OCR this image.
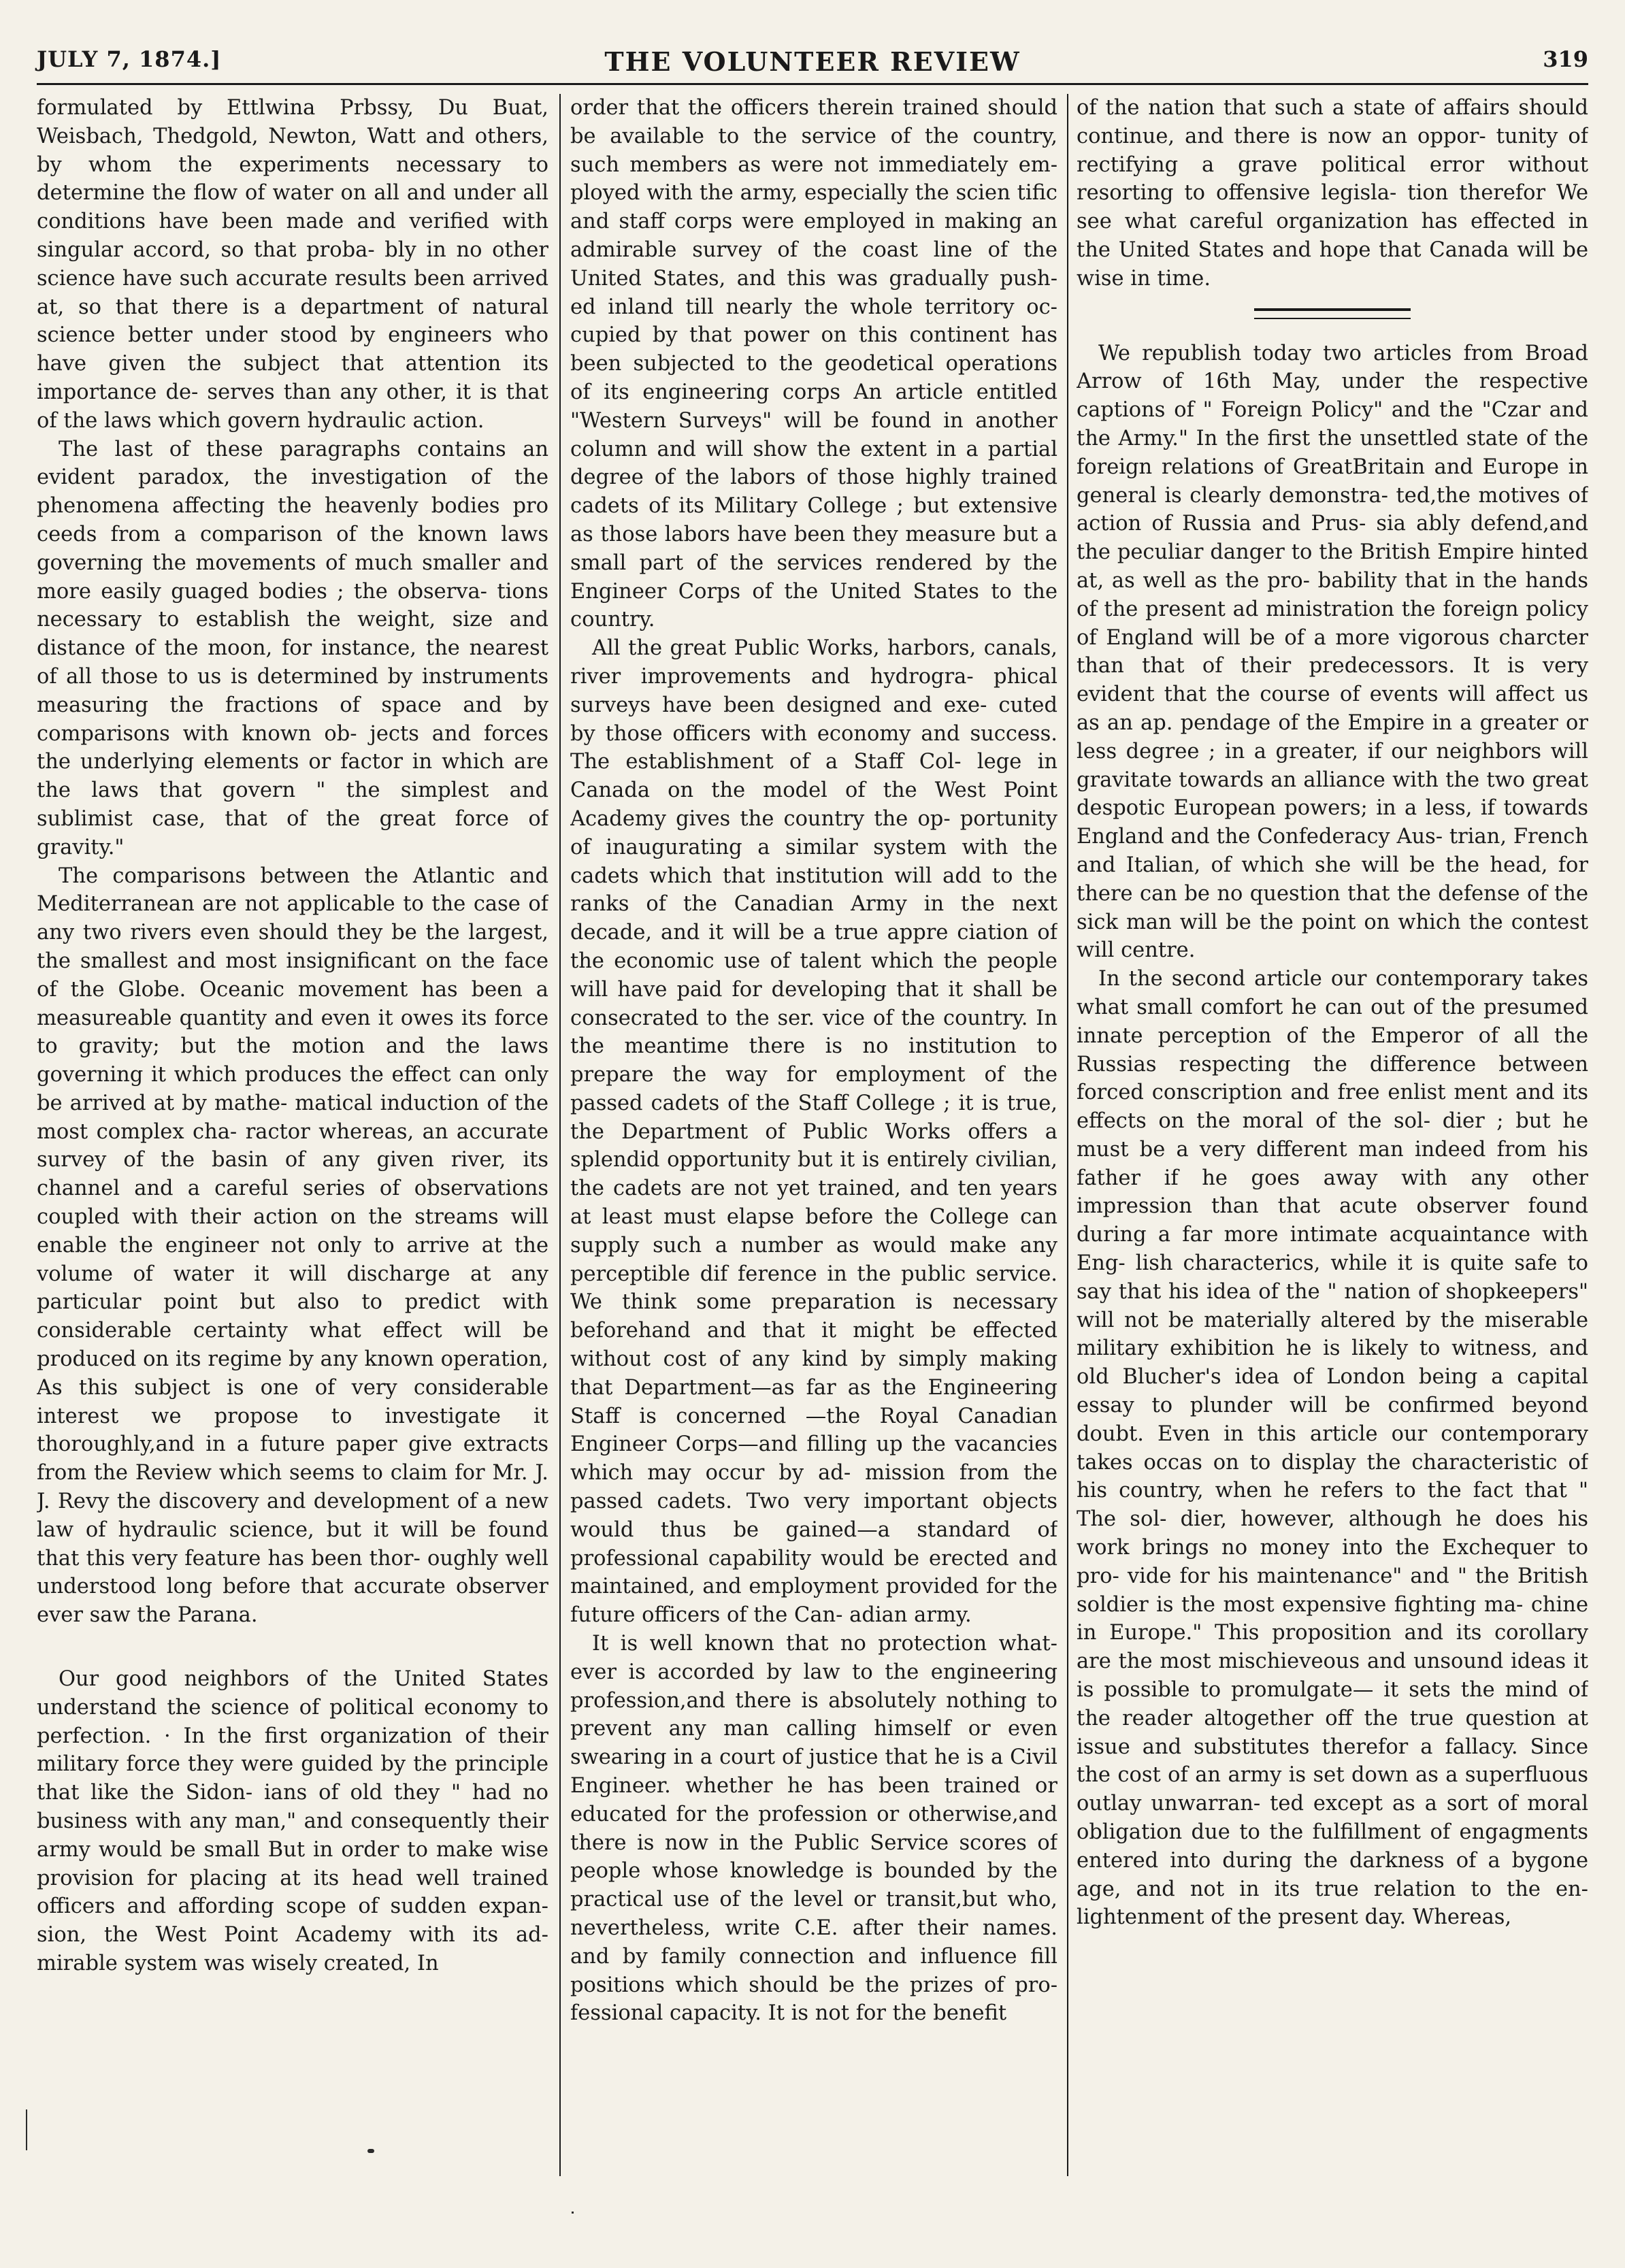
JULY 7, 1874.]	THE VOLUNTEER REVIEW	319

formulated by Ettlwina Prbssy, Du Buat, Weisbach, Thedgold, Newton, Watt and others, by whom the experiments necessary to determine the flow of water on all and under all conditions have been made and verified with singular accord, so that proba- bly in no other science have such accurate results been arrived at, so that there is a department of natural science better under stood by engineers who have given the subject that attention its importance de- serves than any other, it is that of the laws which govern hydraulic action.

The last of these paragraphs contains an evident paradox, the investigation of the phenomena affecting the heavenly bodies pro ceeds from a comparison of the known laws governing the movements of much smaller and more easily guaged bodies ; the observa- tions necessary to establish the weight, size and distance of the moon, for instance, the nearest of all those to us is determined by instruments measuring the fractions of space and by comparisons with known ob- jects and forces the underlying elements or factor in which are the laws that govern " the simplest and sublimist case, that of the great force of gravity."

The comparisons between the Atlantic and Mediterranean are not applicable to the case of any two rivers even should they be the largest, the smallest and most insignificant on the face of the Globe. Oceanic movement has been a measureable quantity and even it owes its force to gravity; but the motion and the laws governing it which produces the effect can only be arrived at by mathe- matical induction of the most complex cha- ractor whereas, an accurate survey of the basin of any given river, its channel and a careful series of observations coupled with their action on the streams will enable the engineer not only to arrive at the volume of water it will discharge at any particular point but also to predict with considerable certainty what effect will be produced on its regime by any known operation, As this subject is one of very considerable interest we propose to investigate it thoroughly,and in a future paper give extracts from the Review which seems to claim for Mr. J. J. Revy the discovery and development of a new law of hydraulic science, but it will be found that this very feature has been thor- oughly well understood long before that accurate observer ever saw the Parana.

Our good neighbors of the United States understand the science of political economy to perfection. · In the first organization of their military force they were guided by the principle that like the Sidon- ians of old they " had no business with any man," and consequently their army would be small But in order to make wise provision for placing at its head well trained officers and affording scope of sudden expan- sion, the West Point Academy with its ad- mirable system was wisely created, In

order that the officers therein trained should be available to the service of the country, such members as were not immediately em- ployed with the army, especially the scien tific and staff corps were employed in making an admirable survey of the coast line of the United States, and this was gradually push- ed inland till nearly the whole territory oc- cupied by that power on this continent has been subjected to the geodetical operations of its engineering corps An article entitled "Western Surveys" will be found in another column and will show the extent in a partial degree of the labors of those highly trained cadets of its Military College ; but extensive as those labors have been they measure but a small part of the services rendered by the Engineer Corps of the United States to the country.

All the great Public Works, harbors, canals, river improvements and hydrogra- phical surveys have been designed and exe- cuted by those officers with economy and success. The establishment of a Staff Col- lege in Canada on the model of the West Point Academy gives the country the op- portunity of inaugurating a similar system with the cadets which that institution will add to the ranks of the Canadian Army in the next decade, and it will be a true appre ciation of the economic use of talent which the people will have paid for developing that it shall be consecrated to the ser. vice of the country. In the meantime there is no institution to prepare the way for employment of the passed cadets of the Staff College ; it is true, the Department of Public Works offers a splendid opportunity but it is entirely civilian, the cadets are not yet trained, and ten years at least must elapse before the College can supply such a number as would make any perceptible dif ference in the public service. We think some preparation is necessary beforehand and that it might be effected without cost of any kind by simply making that Department—as far as the Engineering Staff is concerned —the Royal Canadian Engineer Corps—and filling up the vacancies which may occur by ad- mission from the passed cadets. Two very important objects would thus be gained—a standard of professional capability would be erected and maintained, and employment provided for the future officers of the Can- adian army.

It is well known that no protection what- ever is accorded by law to the engineering profession,and there is absolutely nothing to prevent any man calling himself or even swearing in a court of justice that he is a Civil Engineer. whether he has been trained or educated for the profession or otherwise,and there is now in the Public Service scores of people whose knowledge is bounded by the practical use of the level or transit,but who, nevertheless, write C.E. after their names. and by family connection and influence fill positions which should be the prizes of pro- fessional capacity. It is not for the benefit

of the nation that such a state of affairs should continue, and there is now an oppor- tunity of rectifying a grave political error without resorting to offensive legisla- tion therefor We see what careful organization has effected in the United States and hope that Canada will be wise in time.

We republish today two articles from Broad Arrow of 16th May, under the respective captions of " Foreign Policy" and the "Czar and the Army." In the first the unsettled state of the foreign relations of GreatBritain and Europe in general is clearly demonstra- ted,the motives of action of Russia and Prus- sia ably defend,and the peculiar danger to the British Empire hinted at, as well as the pro- bability that in the hands of the present ad ministration the foreign policy of England will be of a more vigorous charcter than that of their predecessors. It is very evident that the course of events will affect us as an ap. pendage of the Empire in a greater or less degree ; in a greater, if our neighbors will gravitate towards an alliance with the two great despotic European powers; in a less, if towards England and the Confederacy Aus- trian, French and Italian, of which she will be the head, for there can be no question that the defense of the sick man will be the point on which the contest will centre.

In the second article our contemporary takes what small comfort he can out of the presumed innate perception of the Emperor of all the Russias respecting the difference between forced conscription and free enlist ment and its effects on the moral of the sol- dier ; but he must be a very different man indeed from his father if he goes away with any other impression than that acute observer found during a far more intimate acquaintance with Eng- lish characterics, while it is quite safe to say that his idea of the " nation of shopkeepers" will not be materially altered by the miserable military exhibition he is likely to witness, and old Blucher's idea of London being a capital essay to plunder will be confirmed beyond doubt. Even in this article our contemporary takes occas on to display the characteristic of his country, when he refers to the fact that " The sol- dier, however, although he does his work brings no money into the Exchequer to pro- vide for his maintenance" and " the British soldier is the most expensive fighting ma- chine in Europe." This proposition and its corollary are the most mischieveous and unsound ideas it is possible to promulgate— it sets the mind of the reader altogether off the true question at issue and substitutes therefor a fallacy. Since the cost of an army is set down as a superfluous outlay unwarran- ted except as a sort of moral obligation due to the fulfillment of engagments entered into during the darkness of a bygone age, and not in its true relation to the en- lightenment of the present day. Whereas,
